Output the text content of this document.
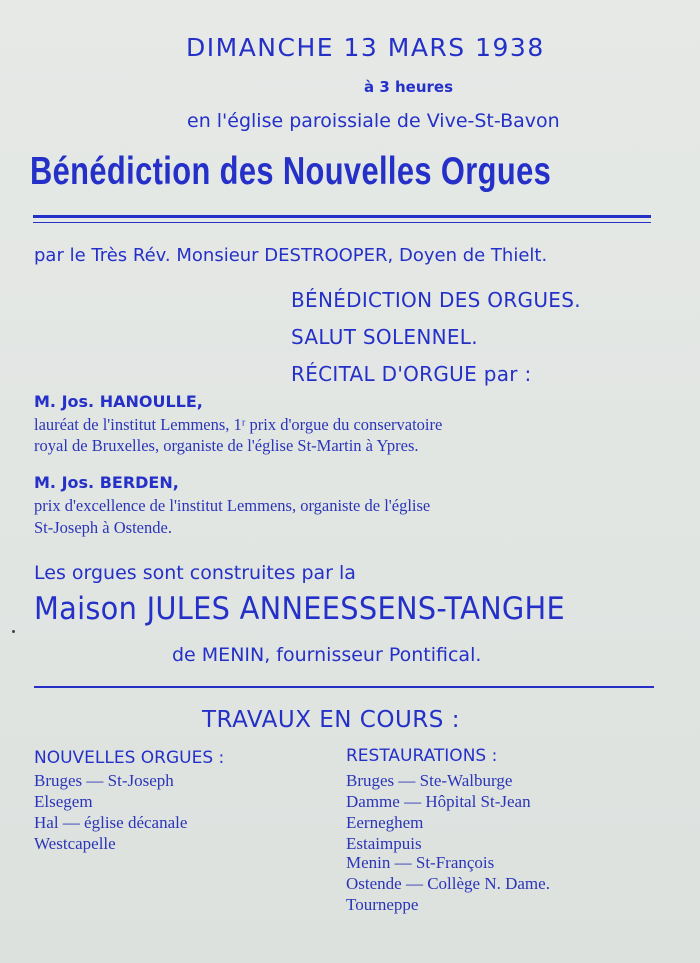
DIMANCHE 13 MARS 1938
à 3 heures
en l'église paroissiale de Vive-St-Bavon
Bénédiction des Nouvelles Orgues
par le Très Rév. Monsieur DESTROOPER, Doyen de Thielt.
BÉNÉDICTION DES ORGUES.
SALUT SOLENNEL.
RÉCITAL D'ORGUE par :
M. Jos. HANOULLE,
lauréat de l'institut Lemmens, 1ʳ prix d'orgue du conservatoire
royal de Bruxelles, organiste de l'église St-Martin à Ypres.
M. Jos. BERDEN,
prix d'excellence de l'institut Lemmens, organiste de l'église
St-Joseph à Ostende.
Les orgues sont construites par la
Maison JULES ANNEESSENS-TANGHE
de MENIN, fournisseur Pontifical.
TRAVAUX EN COURS :
NOUVELLES ORGUES :	RESTAURATIONS :
Bruges — St-Joseph
Elsegem
Hal — église décanale
Westcapelle
Bruges — Ste-Walburge
Damme — Hôpital St-Jean
Eerneghem
Estaimpuis
Menin — St-François
Ostende — Collège N. Dame.
Tourneppe
